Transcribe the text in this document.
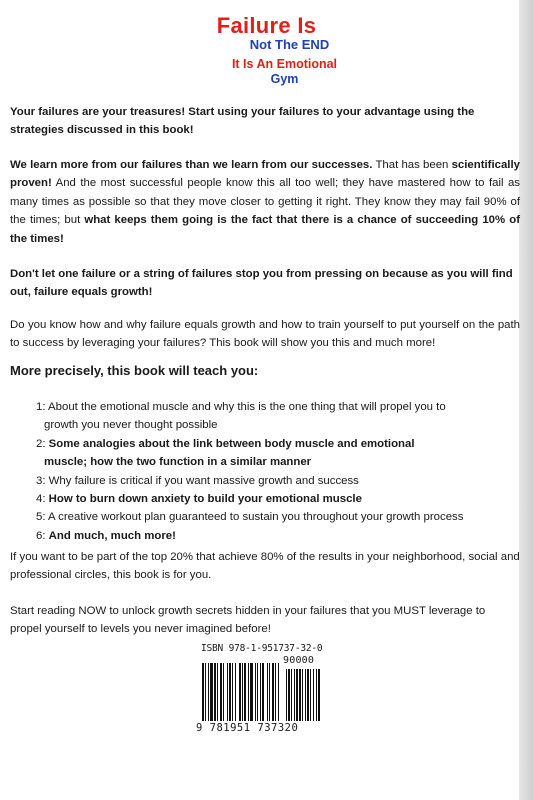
Failure Is
Not The END
It Is An Emotional
Gym
Your failures are your treasures! Start using your failures to your advantage using the strategies discussed in this book!
We learn more from our failures than we learn from our successes. That has been scientifically proven! And the most successful people know this all too well; they have mastered how to fail as many times as possible so that they move closer to getting it right. They know they may fail 90% of the times; but what keeps them going is the fact that there is a chance of succeeding 10% of the times!
Don't let one failure or a string of failures stop you from pressing on because as you will find out, failure equals growth!
Do you know how and why failure equals growth and how to train yourself to put yourself on the path to success by leveraging your failures? This book will show you this and much more!
More precisely, this book will teach you:
1: About the emotional muscle and why this is the one thing that will propel you to
growth you never thought possible
2: Some analogies about the link between body muscle and emotional
muscle; how the two function in a similar manner
3: Why failure is critical if you want massive growth and success
4: How to burn down anxiety to build your emotional muscle
5: A creative workout plan guaranteed to sustain you throughout your growth process
6: And much, much more!
If you want to be part of the top 20% that achieve 80% of the results in your neighborhood, social and professional circles, this book is for you.
Start reading NOW to unlock growth secrets hidden in your failures that you MUST leverage to propel yourself to levels you never imagined before!
ISBN 978-1-951737-32-0
90000
9 781951 737320
